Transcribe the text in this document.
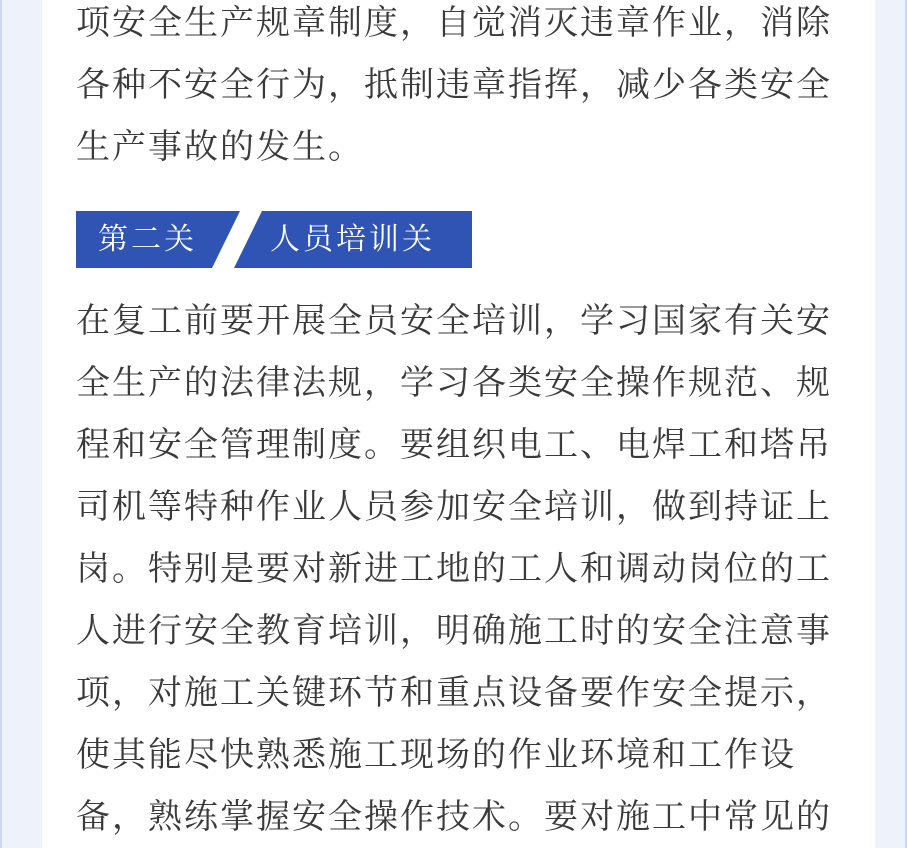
项安全生产规章制度，自觉消灭违章作业，消除
各种不安全行为，抵制违章指挥，减少各类安全
生产事故的发生。

第二关 人员培训关

在复工前要开展全员安全培训，学习国家有关安
全生产的法律法规，学习各类安全操作规范、规
程和安全管理制度。要组织电工、电焊工和塔吊
司机等特种作业人员参加安全培训，做到持证上
岗。特别是要对新进工地的工人和调动岗位的工
人进行安全教育培训，明确施工时的安全注意事
项，对施工关键环节和重点设备要作安全提示，
使其能尽快熟悉施工现场的作业环境和工作设
备，熟练掌握安全操作技术。要对施工中常见的
